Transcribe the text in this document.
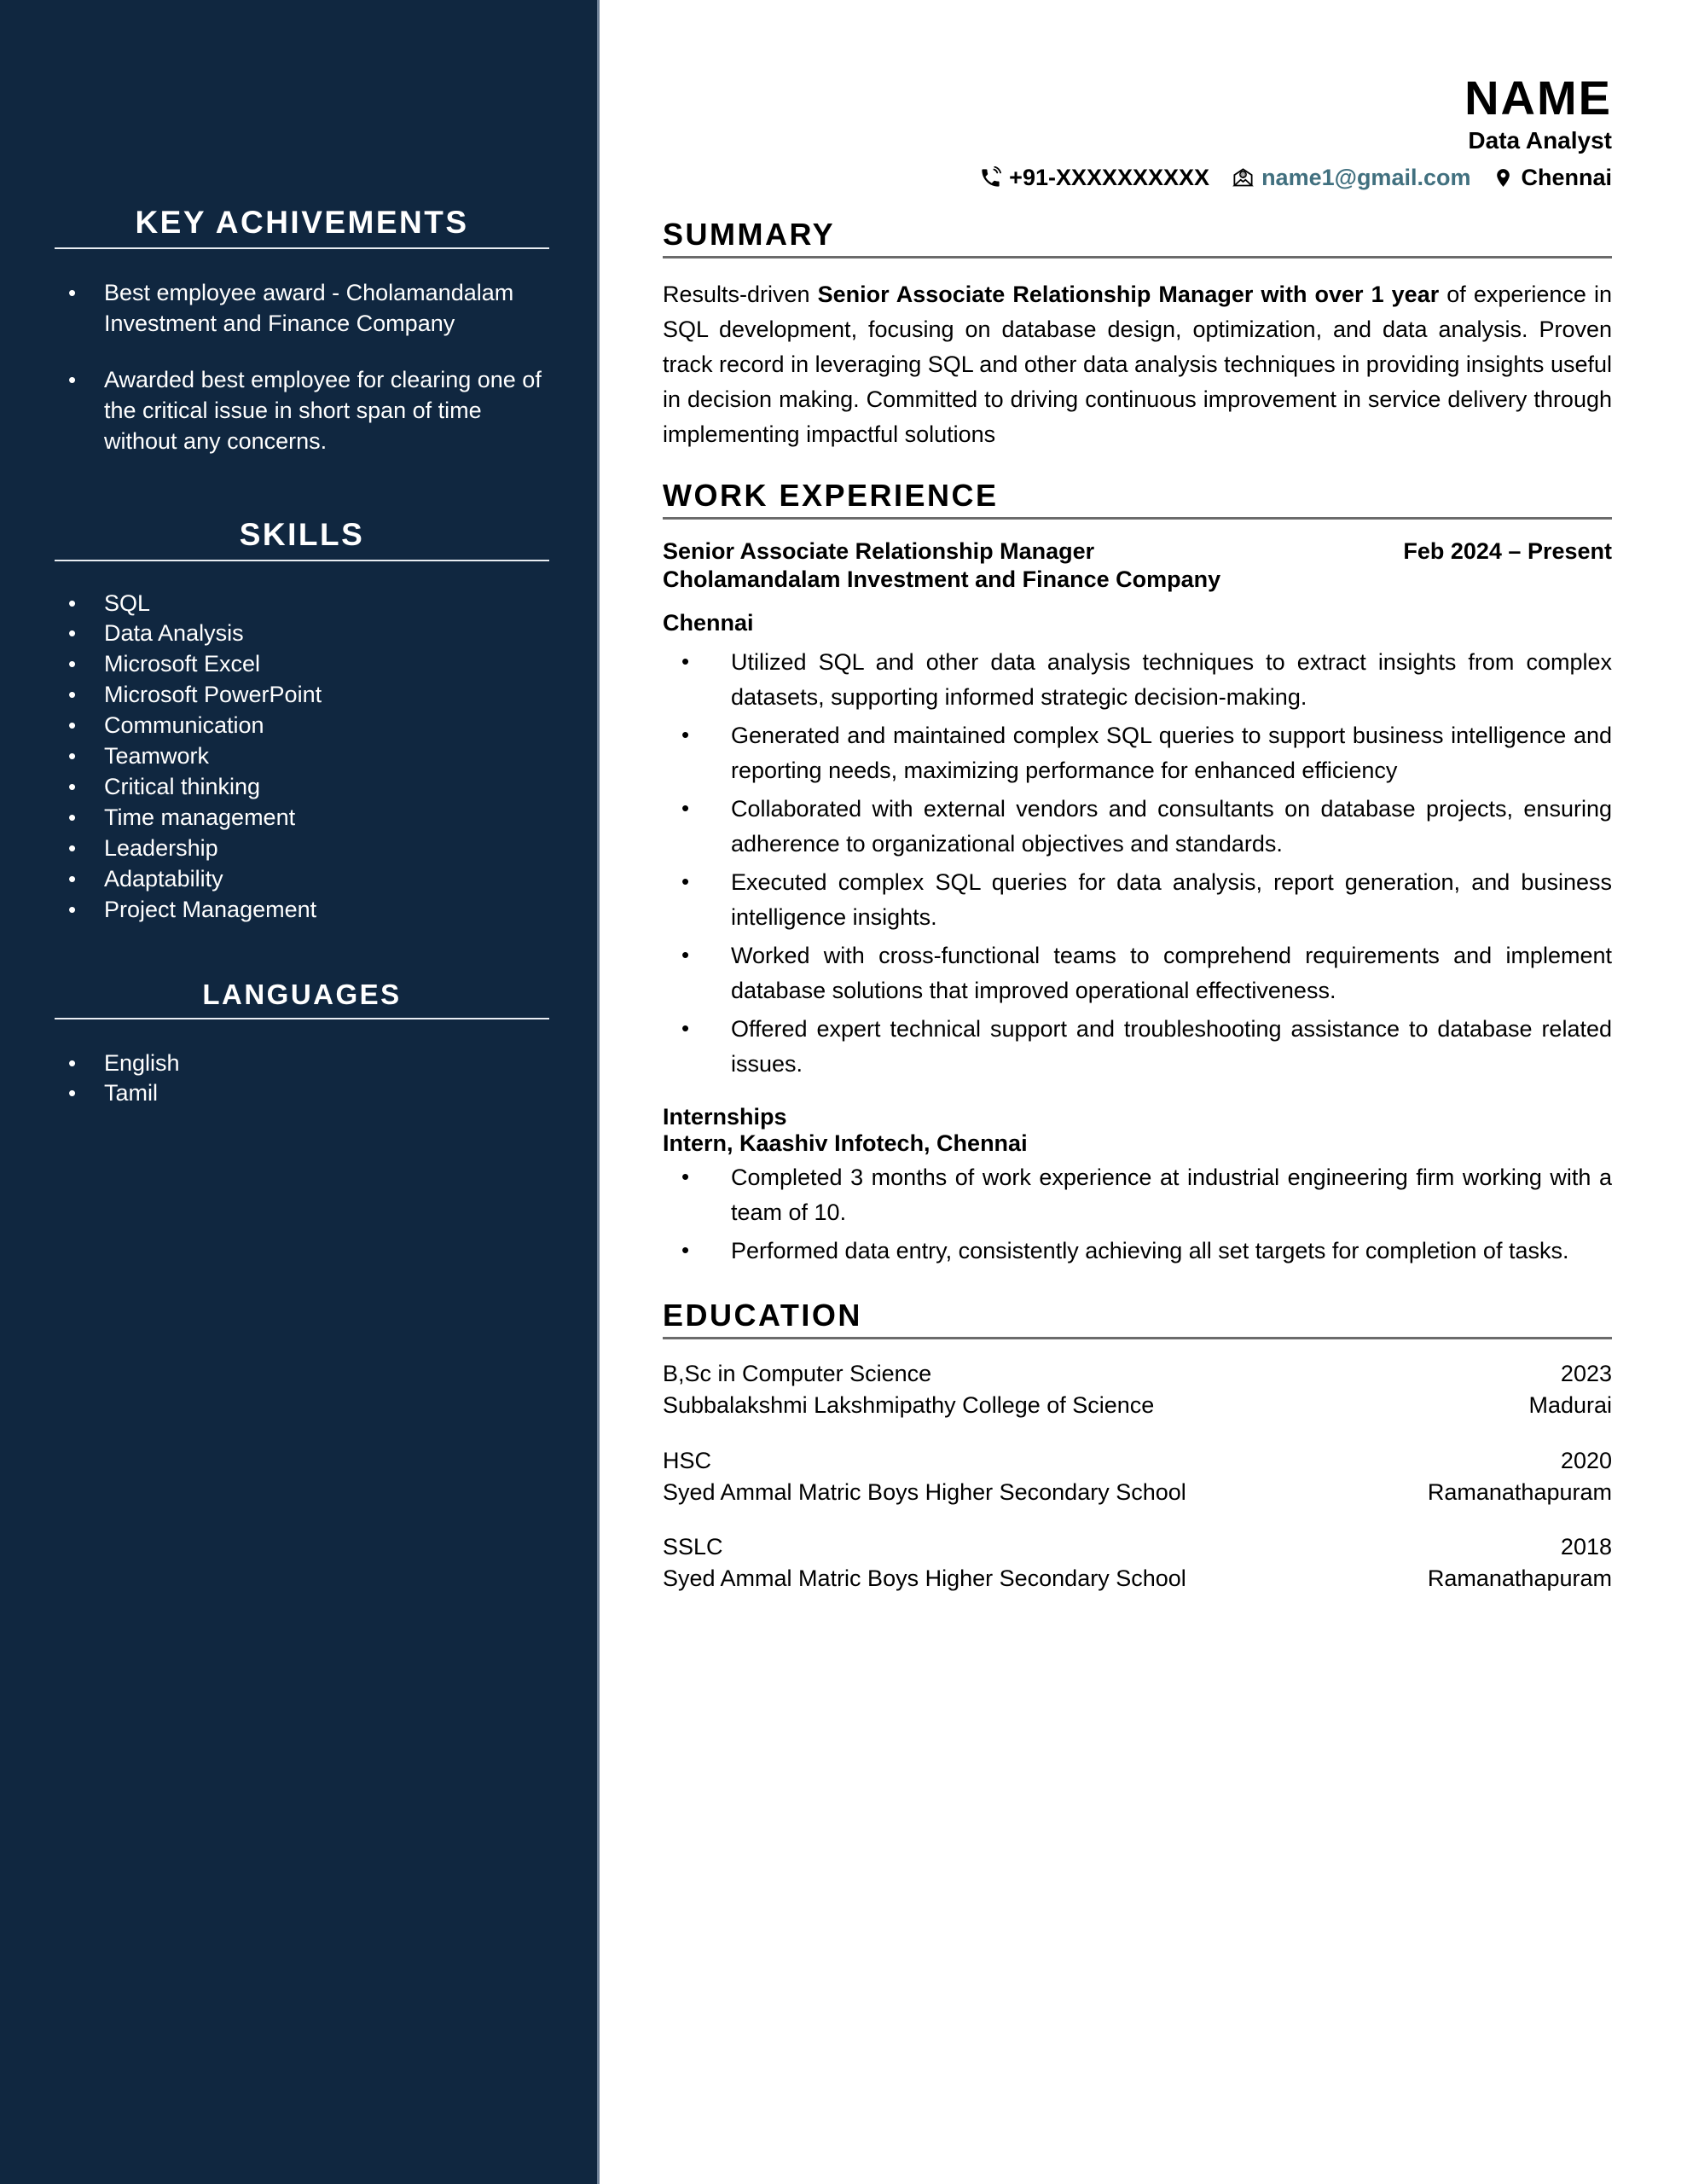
KEY ACHIVEMENTS
•	Best employee award - Cholamandalam Investment and Finance Company
•	Awarded best employee for clearing one of the critical issue in short span of time without any concerns.
SKILLS
•	SQL
•	Data Analysis
•	Microsoft Excel
•	Microsoft PowerPoint
•	Communication
•	Teamwork
•	Critical thinking
•	Time management
•	Leadership
•	Adaptability
•	Project Management
LANGUAGES
•	English
•	Tamil
NAME
Data Analyst
+91-XXXXXXXXXX	@ name1@gmail.com Chennai
SUMMARY

Results-driven Senior Associate Relationship Manager with over 1 year of experience in SQL development, focusing on database design, optimization, and data analysis. Proven track record in leveraging SQL and other data analysis techniques in providing insights useful in decision making. Committed to driving continuous improvement in service delivery through implementing impactful solutions

WORK EXPERIENCE
Senior Associate Relationship Manager	Feb 2024 – Present
Cholamandalam Investment and Finance Company
Chennai
•	Utilized SQL and other data analysis techniques to extract insights from complex datasets, supporting informed strategic decision-making.
•	Generated and maintained complex SQL queries to support business intelligence and reporting needs, maximizing performance for enhanced efficiency
•	Collaborated with external vendors and consultants on database projects, ensuring adherence to organizational objectives and standards.
•	Executed complex SQL queries for data analysis, report generation, and business intelligence insights.
•	Worked with cross-functional teams to comprehend requirements and implement database solutions that improved operational effectiveness.
•	Offered expert technical support and troubleshooting assistance to database related issues.
Internships
Intern, Kaashiv Infotech, Chennai
•	Completed 3 months of work experience at industrial engineering firm working with a team of 10.
•	Performed data entry, consistently achieving all set targets for completion of tasks.
EDUCATION
B,Sc in Computer Science	2023
Subbalakshmi Lakshmipathy College of Science	Madurai
HSC	2020
Syed Ammal Matric Boys Higher Secondary School	Ramanathapuram
SSLC	2018
Syed Ammal Matric Boys Higher Secondary School	Ramanathapuram
